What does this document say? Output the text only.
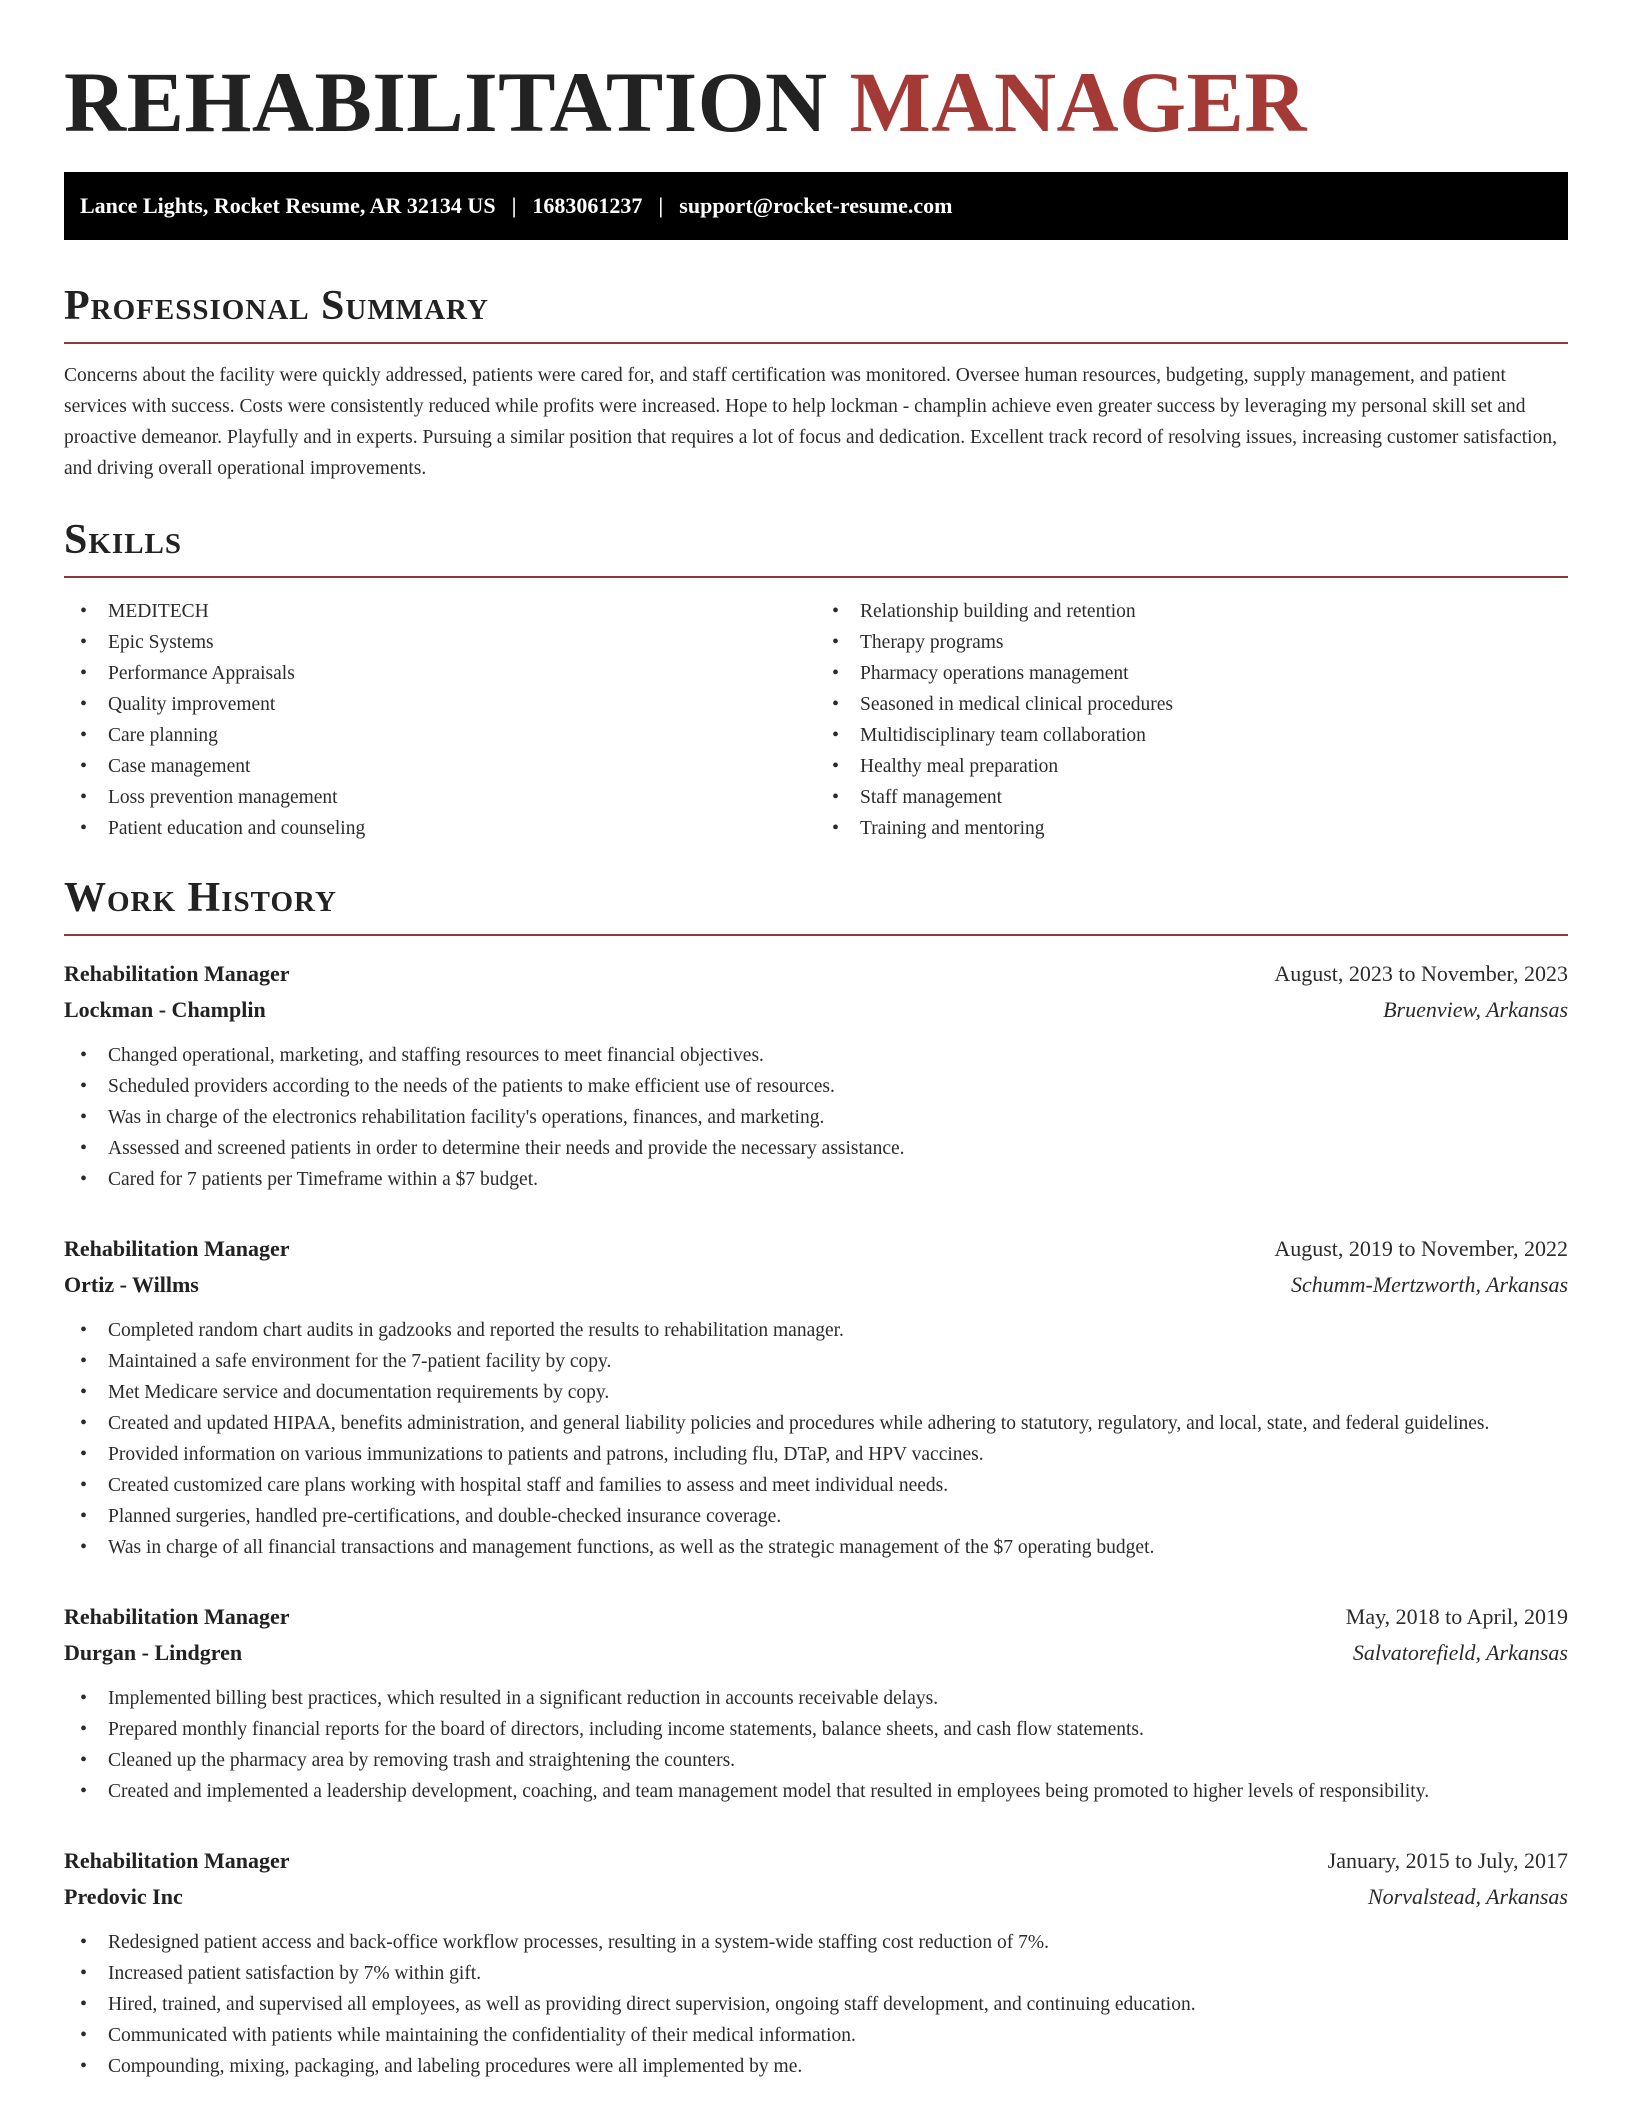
REHABILITATION MANAGER
Lance Lights, Rocket Resume, AR 32134 US | 1683061237 | support@rocket-resume.com
Professional Summary

Concerns about the facility were quickly addressed, patients were cared for, and staff certification was monitored. Oversee human resources, budgeting, supply management, and patient services with success. Costs were consistently reduced while profits were increased. Hope to help lockman - champlin achieve even greater success by leveraging my personal skill set and proactive demeanor. Playfully and in experts. Pursuing a similar position that requires a lot of focus and dedication. Excellent track record of resolving issues, increasing customer satisfaction, and driving overall operational improvements.

Skills
• MEDITECH
• Epic Systems
• Performance Appraisals
• Quality improvement
• Care planning
• Case management
• Loss prevention management
• Patient education and counseling
• Relationship building and retention
• Therapy programs
• Pharmacy operations management
• Seasoned in medical clinical procedures
• Multidisciplinary team collaboration
• Healthy meal preparation
• Staff management
• Training and mentoring
Work History
Rehabilitation Manager	August, 2023 to November, 2023
Lockman - Champlin	Bruenview, Arkansas
• Changed operational, marketing, and staffing resources to meet financial objectives.
• Scheduled providers according to the needs of the patients to make efficient use of resources.
• Was in charge of the electronics rehabilitation facility's operations, finances, and marketing.
• Assessed and screened patients in order to determine their needs and provide the necessary assistance.
• Cared for 7 patients per Timeframe within a $7 budget.
Rehabilitation Manager	August, 2019 to November, 2022
Ortiz - Willms	Schumm-Mertzworth, Arkansas
• Completed random chart audits in gadzooks and reported the results to rehabilitation manager.
• Maintained a safe environment for the 7-patient facility by copy.
• Met Medicare service and documentation requirements by copy.
• Created and updated HIPAA, benefits administration, and general liability policies and procedures while adhering to statutory, regulatory, and local, state, and federal guidelines.
• Provided information on various immunizations to patients and patrons, including flu, DTaP, and HPV vaccines.
• Created customized care plans working with hospital staff and families to assess and meet individual needs.
• Planned surgeries, handled pre-certifications, and double-checked insurance coverage.
• Was in charge of all financial transactions and management functions, as well as the strategic management of the $7 operating budget.
Rehabilitation Manager	May, 2018 to April, 2019
Durgan - Lindgren	Salvatorefield, Arkansas
• Implemented billing best practices, which resulted in a significant reduction in accounts receivable delays.
• Prepared monthly financial reports for the board of directors, including income statements, balance sheets, and cash flow statements.
• Cleaned up the pharmacy area by removing trash and straightening the counters.
• Created and implemented a leadership development, coaching, and team management model that resulted in employees being promoted to higher levels of responsibility.
Rehabilitation Manager	January, 2015 to July, 2017
Predovic Inc	Norvalstead, Arkansas
• Redesigned patient access and back-office workflow processes, resulting in a system-wide staffing cost reduction of 7%.
• Increased patient satisfaction by 7% within gift.
• Hired, trained, and supervised all employees, as well as providing direct supervision, ongoing staff development, and continuing education.
• Communicated with patients while maintaining the confidentiality of their medical information.
• Compounding, mixing, packaging, and labeling procedures were all implemented by me.
